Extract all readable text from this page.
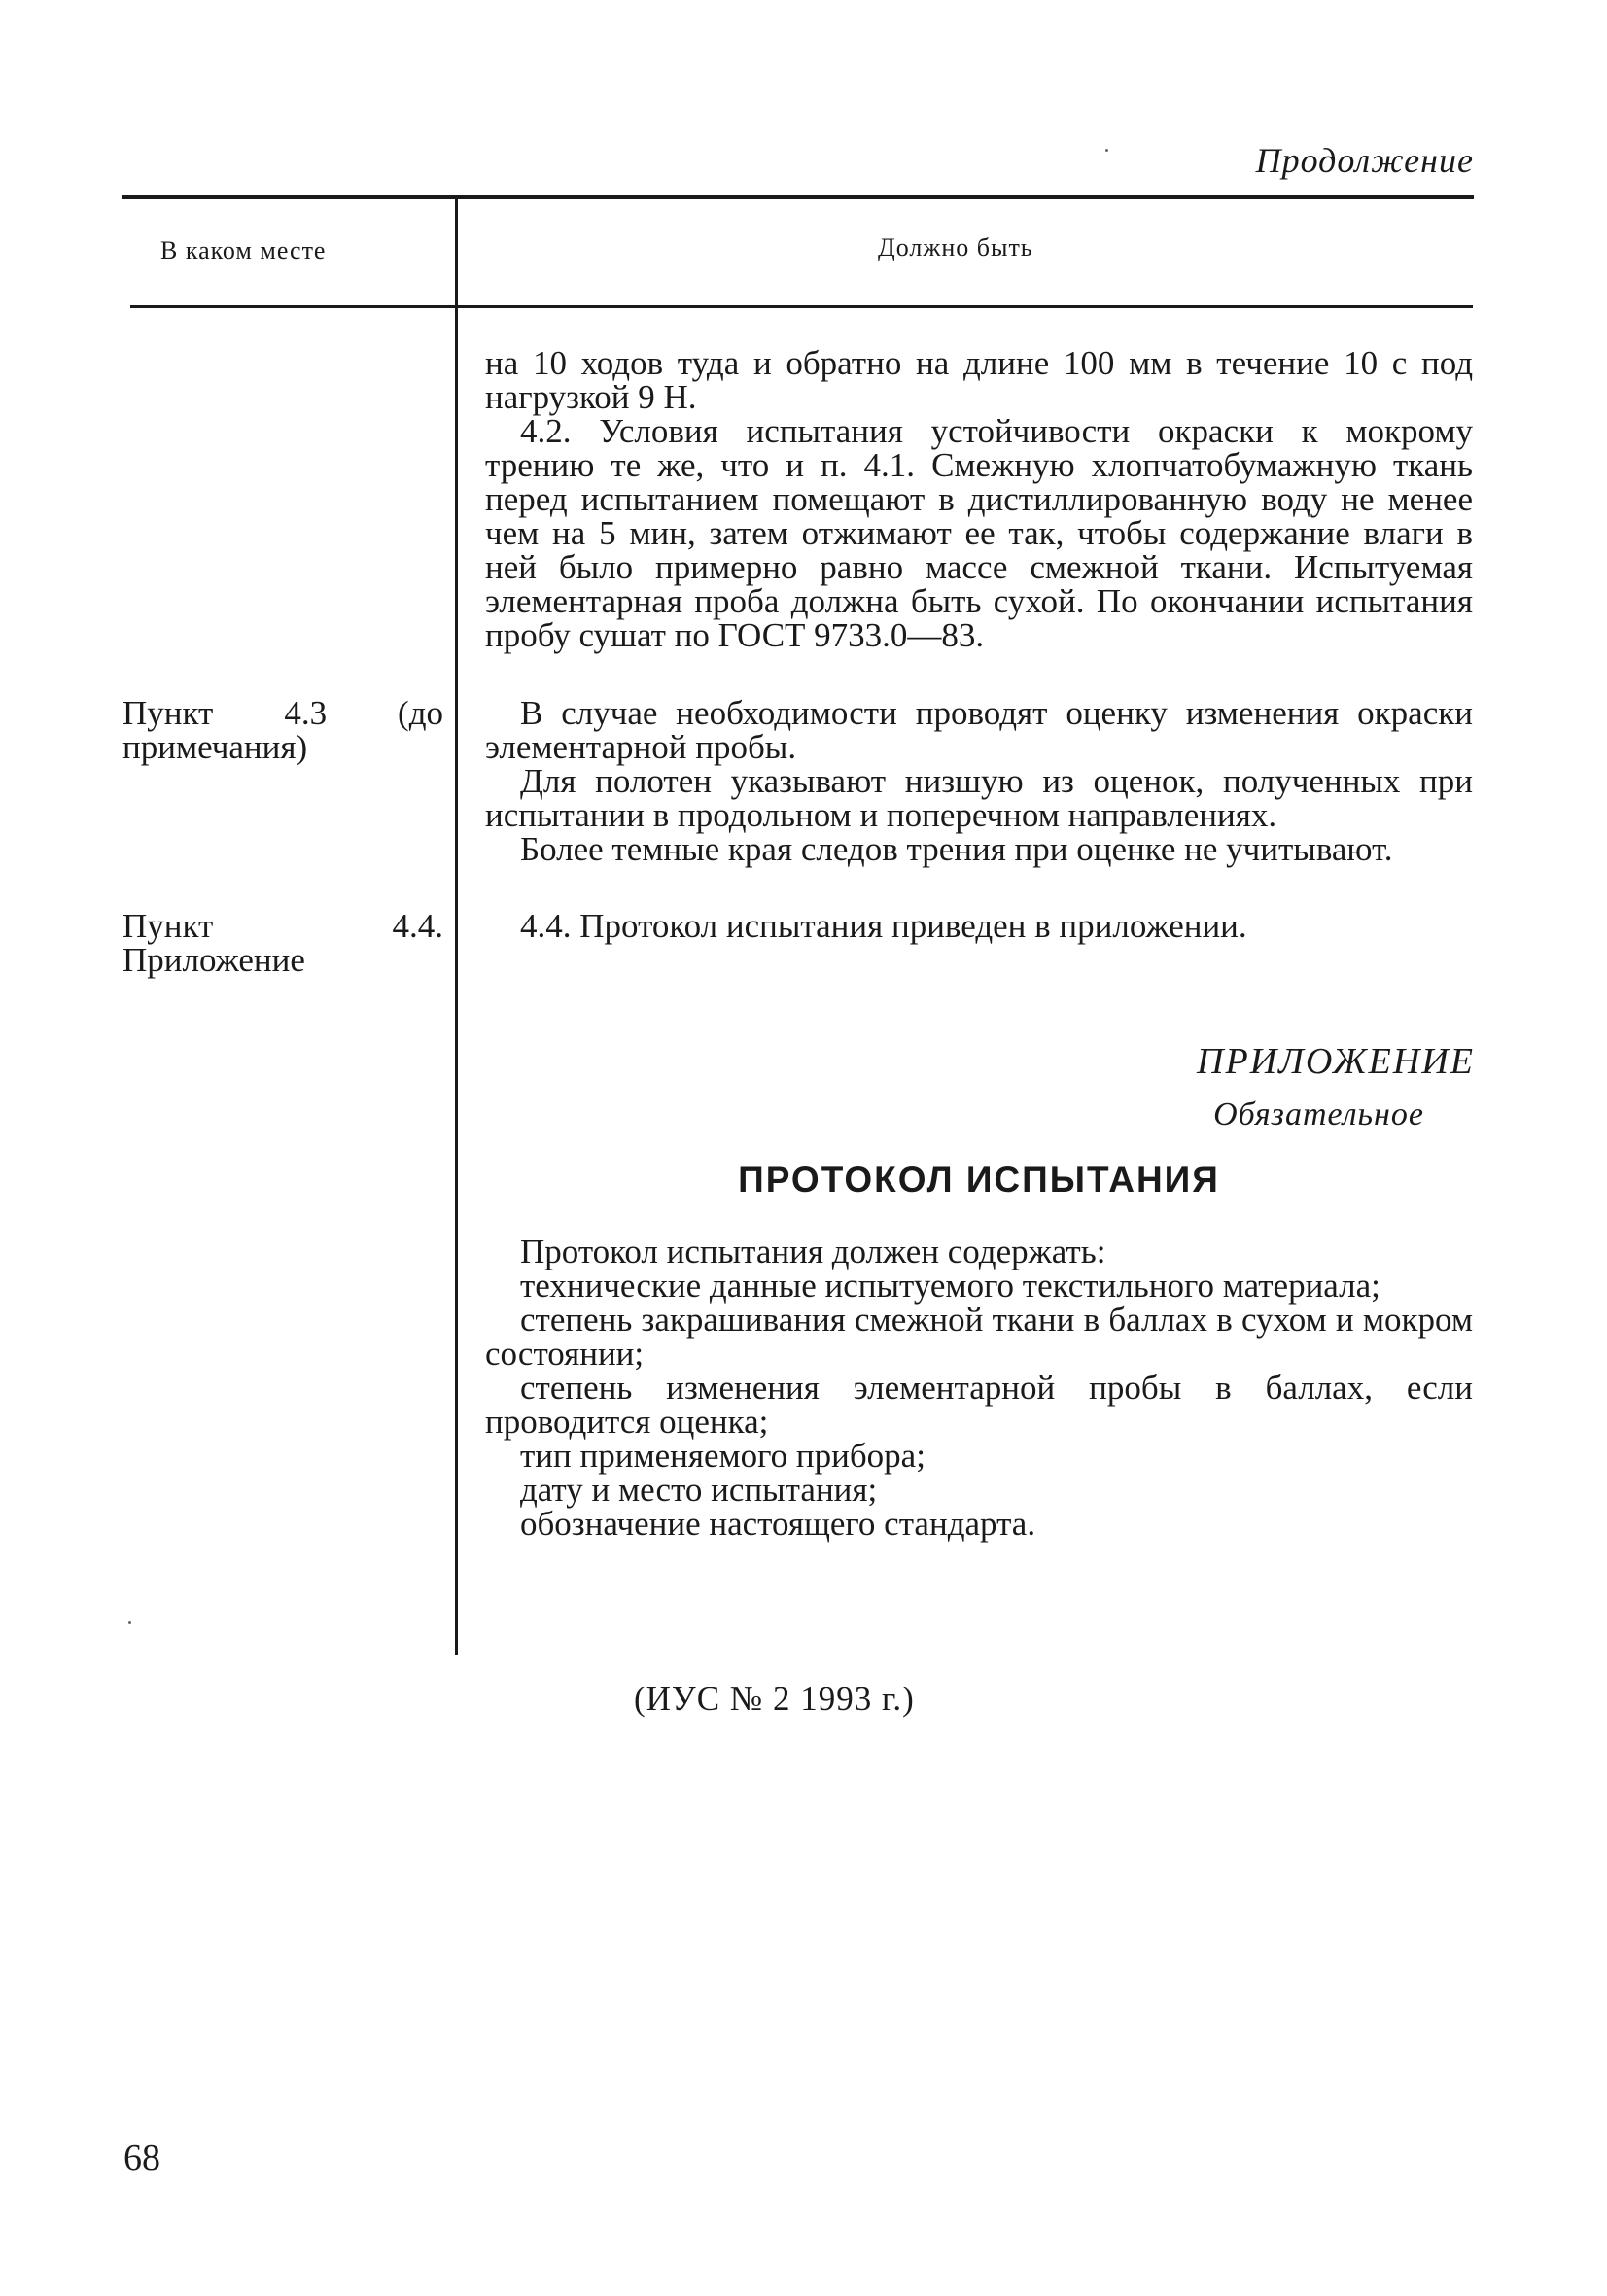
Продолжение
В каком месте	Должно быть

на 10 ходов туда и обратно на длине 100 мм в течение 10 с под нагрузкой 9 Н.

4.2. Условия испытания устойчивости окраски к мокрому трению те же, что и п. 4.1. Смежную хлопчатобумажную ткань перед испытанием помещают в дистиллированную воду не менее чем на 5 мин, затем отжимают ее так, чтобы содержание влаги в ней было примерно равно массе смежной ткани. Испытуемая элементарная проба должна быть сухой. По окончании испытания пробу сушат по ГОСТ 9733.0—83.

В случае необходимости проводят оценку изменения окраски элементарной пробы.

Для полотен указывают низшую из оценок, полученных при испытании в продольном и поперечном направлениях.

Более темные края следов трения при оценке не учитывают.

4.4. Протокол испытания приведен в приложении.

Пункт 4.3 (до примечания)
Пункт 4.4. Приложение
ПРИЛОЖЕНИЕ
Обязательное
ПРОТОКОЛ ИСПЫТАНИЯ

Протокол испытания должен содержать:

технические данные испытуемого текстильного материала;

степень закрашивания смежной ткани в баллах в сухом и мокром состоянии;

степень изменения элементарной пробы в баллах, если проводится оценка;

тип применяемого прибора;

дату и место испытания;

обозначение настоящего стандарта.

(ИУС № 2 1993 г.)
68
